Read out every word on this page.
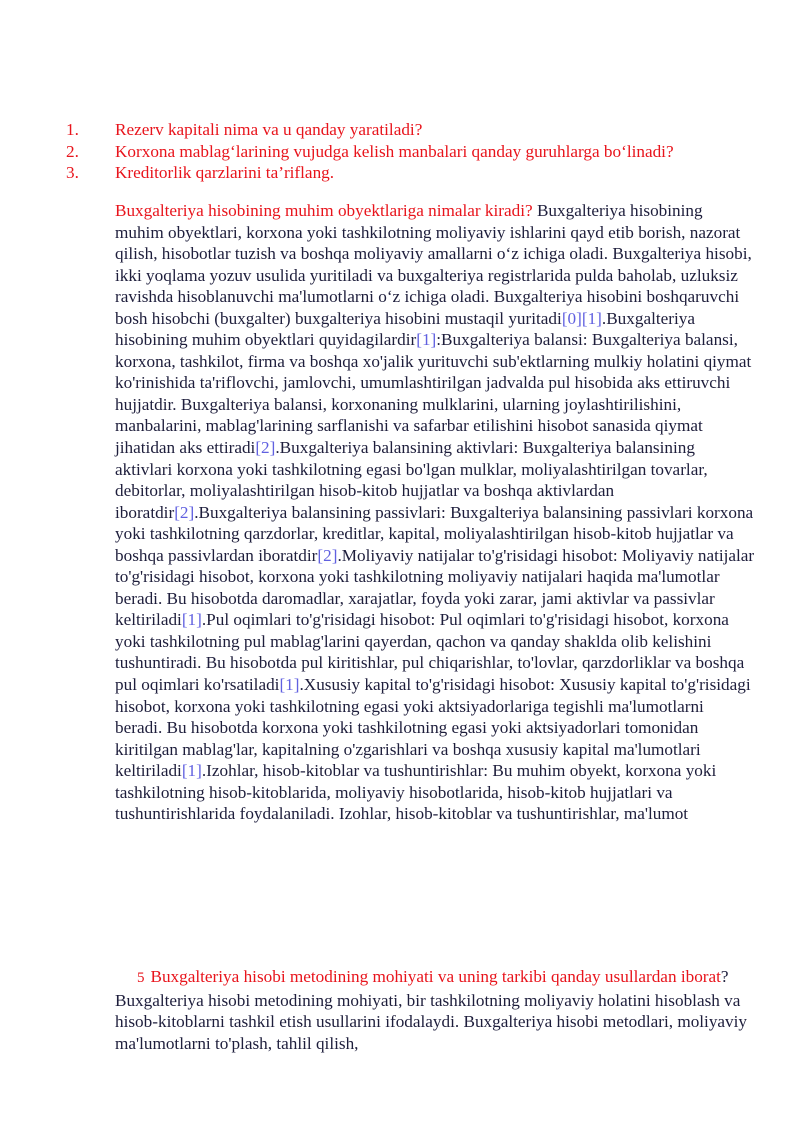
1.	Rezerv kapitali nima va u qanday yaratiladi?
2.	Korxona mablag‘larining vujudga kelish manbalari qanday guruhlarga bo‘linadi?
3.	Kreditorlik qarzlarini ta’riflang.

Buxgalteriya hisobining muhim obyektlariga nimalar kiradi? Buxgalteriya hisobining muhim obyektlari, korxona yoki tashkilotning moliyaviy ishlarini qayd etib borish, nazorat qilish, hisobotlar tuzish va boshqa moliyaviy amallarni o‘z ichiga oladi. Buxgalteriya hisobi, ikki yoqlama yozuv usulida yuritiladi va buxgalteriya registrlarida pulda baholab, uzluksiz ravishda hisoblanuvchi ma'lumotlarni o‘z ichiga oladi. Buxgalteriya hisobini boshqaruvchi bosh hisobchi (buxgalter) buxgalteriya hisobini mustaqil yuritadi[0][1].Buxgalteriya hisobining muhim obyektlari quyidagilardir[1]:Buxgalteriya balansi: Buxgalteriya balansi, korxona, tashkilot, firma va boshqa xo'jalik yurituvchi sub'ektlarning mulkiy holatini qiymat ko'rinishida ta'riflovchi, jamlovchi, umumlashtirilgan jadvalda pul hisobida aks ettiruvchi hujjatdir. Buxgalteriya balansi, korxonaning mulklarini, ularning joylashtirilishini, manbalarini, mablag'larining sarflanishi va safarbar etilishini hisobot sanasida qiymat jihatidan aks ettiradi[2].Buxgalteriya balansining aktivlari: Buxgalteriya balansining aktivlari korxona yoki tashkilotning egasi bo'lgan mulklar, moliyalashtirilgan tovarlar, debitorlar, moliyalashtirilgan hisob-kitob hujjatlar va boshqa aktivlardan iboratdir[2].Buxgalteriya balansining passivlari: Buxgalteriya balansining passivlari korxona yoki tashkilotning qarzdorlar, kreditlar, kapital, moliyalashtirilgan hisob-kitob hujjatlar va boshqa passivlardan iboratdir[2].Moliyaviy natijalar to'g'risidagi hisobot: Moliyaviy natijalar to'g'risidagi hisobot, korxona yoki tashkilotning moliyaviy natijalari haqida ma'lumotlar beradi. Bu hisobotda daromadlar, xarajatlar, foyda yoki zarar, jami aktivlar va passivlar keltiriladi[1].Pul oqimlari to'g'risidagi hisobot: Pul oqimlari to'g'risidagi hisobot, korxona yoki tashkilotning pul mablag'larini qayerdan, qachon va qanday shaklda olib kelishini tushuntiradi. Bu hisobotda pul kiritishlar, pul chiqarishlar, to'lovlar, qarzdorliklar va boshqa pul oqimlari ko'rsatiladi[1].Xususiy kapital to'g'risidagi hisobot: Xususiy kapital to'g'risidagi hisobot, korxona yoki tashkilotning egasi yoki aktsiyadorlariga tegishli ma'lumotlarni beradi. Bu hisobotda korxona yoki tashkilotning egasi yoki aktsiyadorlari tomonidan kiritilgan mablag'lar, kapitalning o'zgarishlari va boshqa xususiy kapital ma'lumotlari keltiriladi[1].Izohlar, hisob-kitoblar va tushuntirishlar: Bu muhim obyekt, korxona yoki tashkilotning hisob-kitoblarida, moliyaviy hisobotlarida, hisob-kitob hujjatlari va tushuntirishlarida foydalaniladi. Izohlar, hisob-kitoblar va tushuntirishlar, ma'lumot

5 Buxgalteriya hisobi metodining mohiyati va uning tarkibi qanday usullardan iborat? Buxgalteriya hisobi metodining mohiyati, bir tashkilotning moliyaviy holatini hisoblash va hisob-kitoblarni tashkil etish usullarini ifodalaydi. Buxgalteriya hisobi metodlari, moliyaviy ma'lumotlarni to'plash, tahlil qilish,
